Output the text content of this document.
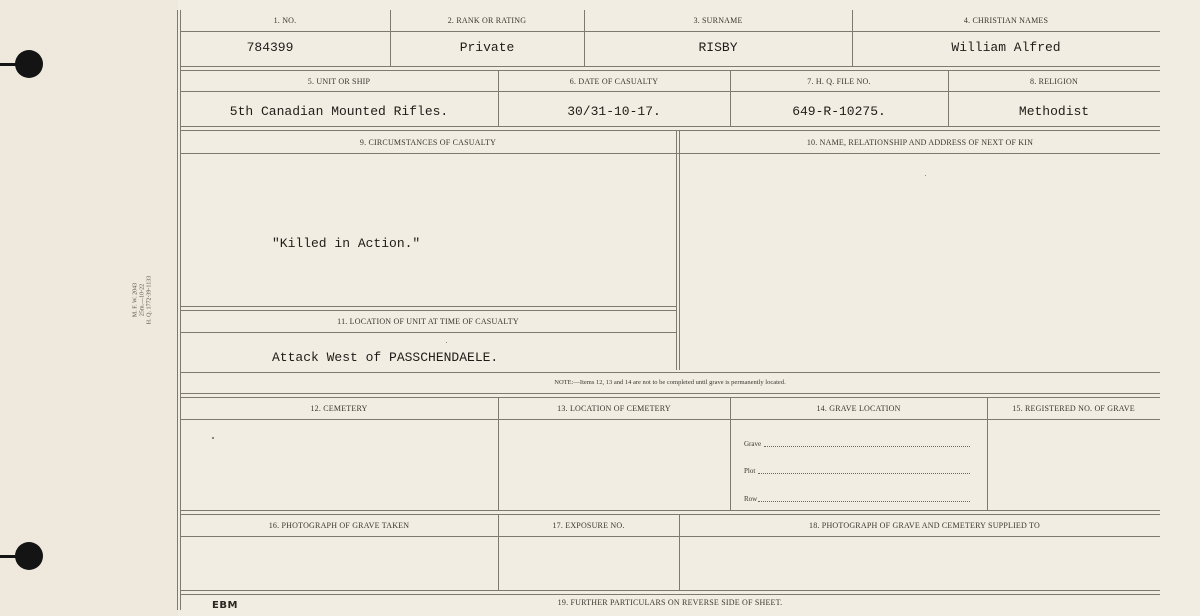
M. F. W. 2043
25m.—10-22
H. Q. 1772-39-1133
1. NO.	2. RANK OR RATING	3. SURNAME	4. CHRISTIAN NAMES
784399	Private	RISBY	William Alfred
5. UNIT OR SHIP	6. DATE OF CASUALTY	7. H. Q. FILE NO.	8. RELIGION
5th Canadian Mounted Rifles.	30/31-10-17.	649-R-10275.	Methodist
9. CIRCUMSTANCES OF CASUALTY	10. NAME, RELATIONSHIP AND ADDRESS OF NEXT OF KIN
"Killed in Action."
11. LOCATION OF UNIT AT TIME OF CASUALTY
Attack West of PASSCHENDAELE.
NOTE:—Items 12, 13 and 14 are not to be completed until grave is permanently located.
12. CEMETERY	13. LOCATION OF CEMETERY	14. GRAVE LOCATION	15. REGISTERED NO. OF GRAVE
Grave
Plot
Row
16. PHOTOGRAPH OF GRAVE TAKEN	17. EXPOSURE NO.	18. PHOTOGRAPH OF GRAVE AND CEMETERY SUPPLIED TO
19. FURTHER PARTICULARS ON REVERSE SIDE OF SHEET.
EBM
